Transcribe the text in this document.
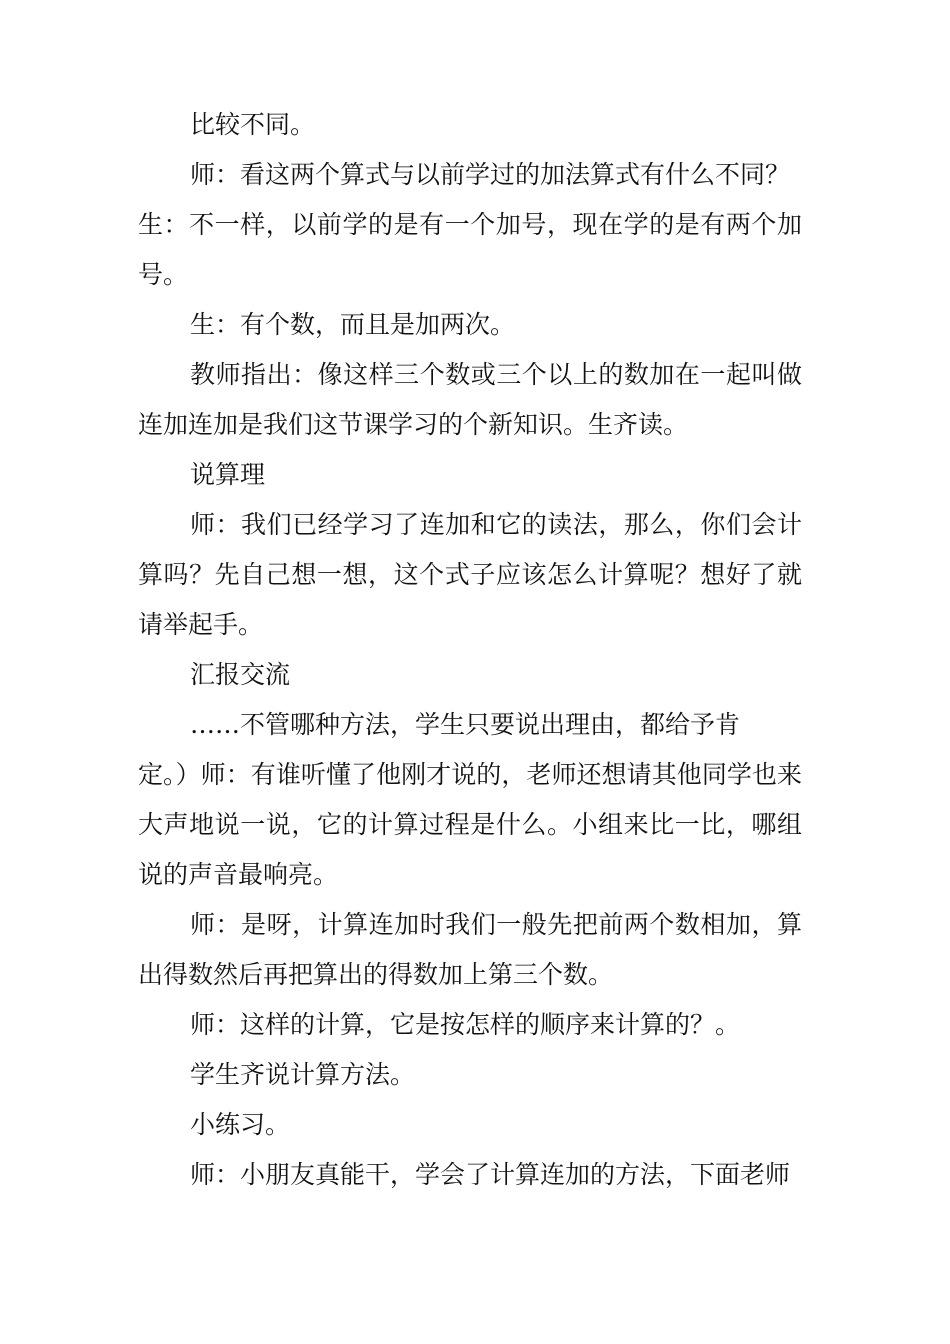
比较不同。

师：看这两个算式与以前学过的加法算式有什么不同？

生：不一样，以前学的是有一个加号，现在学的是有两个加号。

生：有个数，而且是加两次。

教师指出：像这样三个数或三个以上的数加在一起叫做连加连加是我们这节课学习的个新知识。生齐读。

说算理

师：我们已经学习了连加和它的读法，那么，你们会计算吗？先自己想一想，这个式子应该怎么计算呢？想好了就请举起手。

汇报交流

……不管哪种方法，学生只要说出理由，都给予肯

定。）师：有谁听懂了他刚才说的，老师还想请其他同学也来大声地说一说，它的计算过程是什么。小组来比一比，哪组说的声音最响亮。

师：是呀，计算连加时我们一般先把前两个数相加，算出得数然后再把算出的得数加上第三个数。

师：这样的计算，它是按怎样的顺序来计算的？。

学生齐说计算方法。

小练习。

师：小朋友真能干，学会了计算连加的方法，下面老师
